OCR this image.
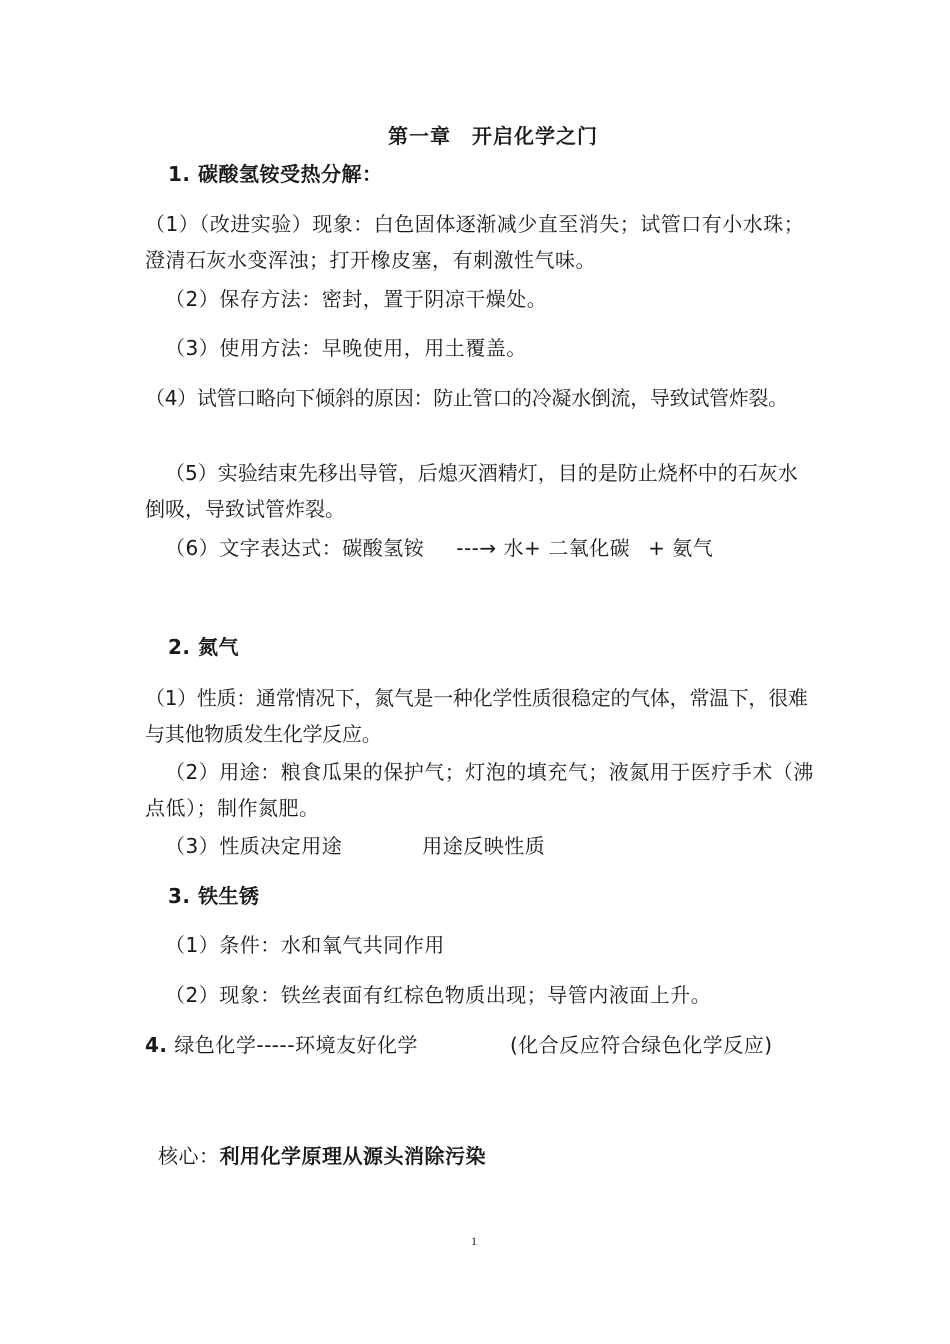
第一章　开启化学之门
1. 碳酸氢铵受热分解：
（1）（改进实验）现象：白色固体逐渐减少直至消失；试管口有小水珠；澄清石灰水变浑浊；打开橡皮塞，有刺激性气味。
（2）保存方法：密封，置于阴凉干燥处。
（3）使用方法：早晚使用，用土覆盖。
（4）试管口略向下倾斜的原因：防止管口的冷凝水倒流，导致试管炸裂。
（5）实验结束先移出导管，后熄灭酒精灯，目的是防止烧杯中的石灰水倒吸，导致试管炸裂。
（6）文字表达式：碳酸氢铵 ---→ 水+ 二氧化碳 + 氨气
2. 氮气
（1）性质：通常情况下，氮气是一种化学性质很稳定的气体，常温下，很难与其他物质发生化学反应。
（2）用途：粮食瓜果的保护气；灯泡的填充气；液氮用于医疗手术（沸点低）；制作氮肥。
（3）性质决定用途	用途反映性质
3. 铁生锈
（1）条件：水和氧气共同作用
（2）现象：铁丝表面有红棕色物质出现；导管内液面上升。
4. 绿色化学-----环境友好化学	(化合反应符合绿色化学反应)
核心：利用化学原理从源头消除污染
1
